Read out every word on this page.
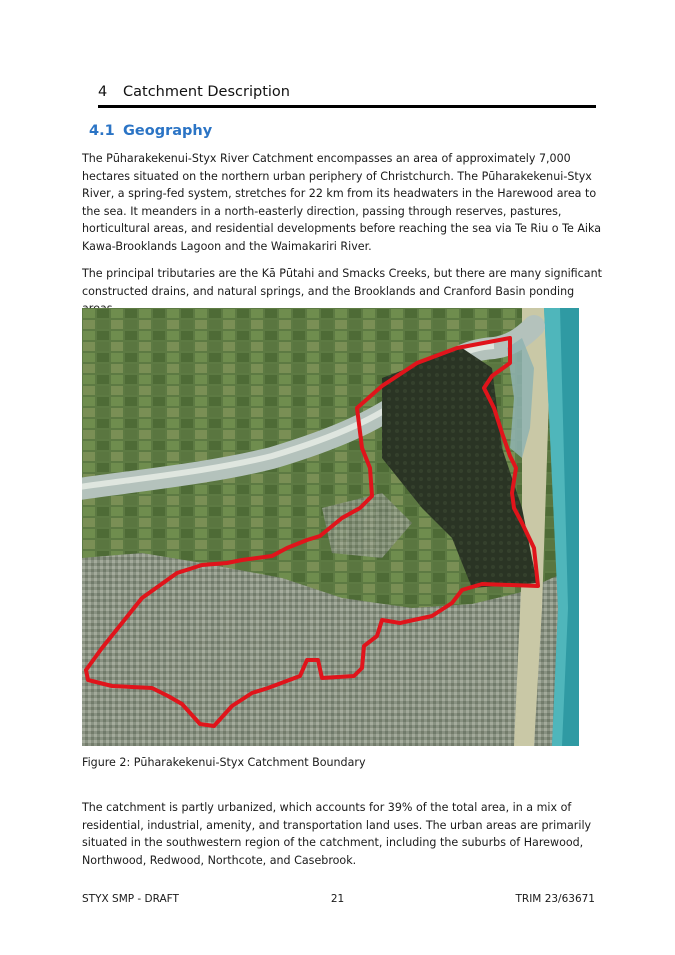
4 Catchment Description
4.1 Geography

The Pūharakekenui-Styx River Catchment encompasses an area of approximately 7,000 hectares situated on the northern urban periphery of Christchurch. The Pūharakekenui-Styx River, a spring-fed system, stretches for 22 km from its headwaters in the Harewood area to the sea. It meanders in a north-easterly direction, passing through reserves, pastures, horticultural areas, and residential developments before reaching the sea via Te Riu o Te Aika Kawa-Brooklands Lagoon and the Waimakariri River.

The principal tributaries are the Kā Pūtahi and Smacks Creeks, but there are many significant constructed drains, and natural springs, and the Brooklands and Cranford Basin ponding

Figure 2: Pūharakekenui-Styx Catchment Boundary

The catchment is partly urbanized, which accounts for 39% of the total area, in a mix of residential, industrial, amenity, and transportation land uses. The urban areas are primarily situated in the southwestern region of the catchment, including the suburbs of Harewood, Northwood, Redwood, Northcote, and Casebrook.

STYX SMP - DRAFT	21	TRIM 23/63671
